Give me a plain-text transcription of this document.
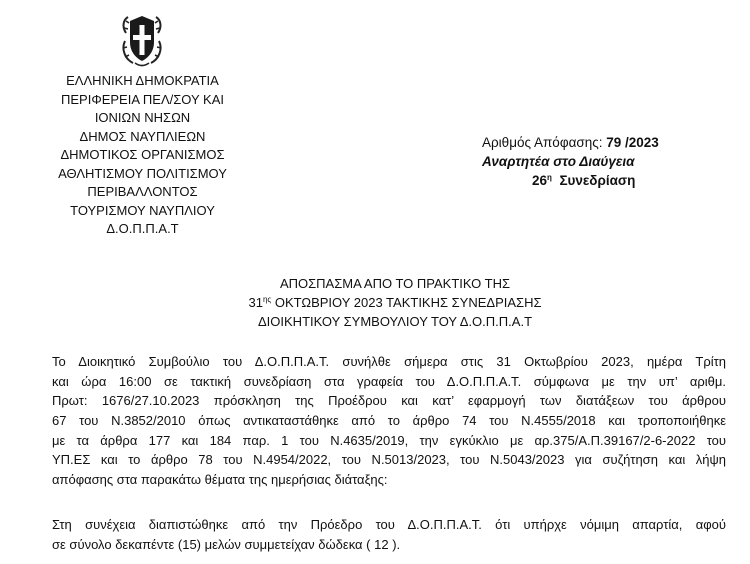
ΕΛΛΗΝΙΚΗ ΔΗΜΟΚΡΑΤΙΑ
ΠΕΡΙΦΕΡΕΙΑ ΠΕΛ/ΣΟΥ ΚΑΙ
ΙΟΝΙΩΝ ΝΗΣΩΝ
ΔΗΜΟΣ ΝΑΥΠΛΙΕΩΝ
ΔΗΜΟΤΙΚΟΣ ΟΡΓΑΝΙΣΜΟΣ
ΑΘΛΗΤΙΣΜΟΥ ΠΟΛΙΤΙΣΜΟΥ
ΠΕΡΙΒΑΛΛΟΝΤΟΣ
ΤΟΥΡΙΣΜΟΥ ΝΑΥΠΛΙΟΥ
Δ.Ο.Π.Π.Α.Τ
Αριθμός Απόφασης: 79 /2023
Αναρτητέα στο Διαύγεια
$26^\eta$ Συνεδρίαση
ΑΠΟΣΠΑΣΜΑ ΑΠΟ ΤΟ ΠΡΑΚΤΙΚΟ ΤΗΣ
$31^{\eta\varsigma}$ ΟΚΤΩΒΡΙΟΥ 2023 ΤΑΚΤΙΚΗΣ ΣΥΝΕΔΡΙΑΣΗΣ
ΔΙΟΙΚΗΤΙΚΟΥ ΣΥΜΒΟΥΛΙΟΥ ΤΟΥ Δ.Ο.Π.Π.Α.Τ
Το Διοικητικό Συμβούλιο του Δ.Ο.Π.Π.Α.Τ. συνήλθε σήμερα στις 31 Οκτωβρίου 2023, ημέρα Τρίτη
και ώρα 16:00 σε τακτική συνεδρίαση στα γραφεία του Δ.Ο.Π.Π.Α.Τ. σύμφωνα με την υπ’ αριθμ.
Πρωτ: 1676/27.10.2023 πρόσκληση της Προέδρου και κατ’ εφαρμογή των διατάξεων του άρθρου
67 του Ν.3852/2010 όπως αντικαταστάθηκε από το άρθρο 74 του Ν.4555/2018 και τροποποιήθηκε
με τα άρθρα 177 και 184 παρ. 1 του Ν.4635/2019, την εγκύκλιο με αρ.375/Α.Π.39167/2-6-2022 του
ΥΠ.ΕΣ και το άρθρο 78 του Ν.4954/2022, του Ν.5013/2023, του Ν.5043/2023 για συζήτηση και λήψη
απόφασης στα παρακάτω θέματα της ημερήσιας διάταξης:
Στη συνέχεια διαπιστώθηκε από την Πρόεδρο του Δ.Ο.Π.Π.Α.Τ. ότι υπήρχε νόμιμη απαρτία, αφού
σε σύνολο δεκαπέντε (15) μελών συμμετείχαν δώδεκα ( 12 ).
